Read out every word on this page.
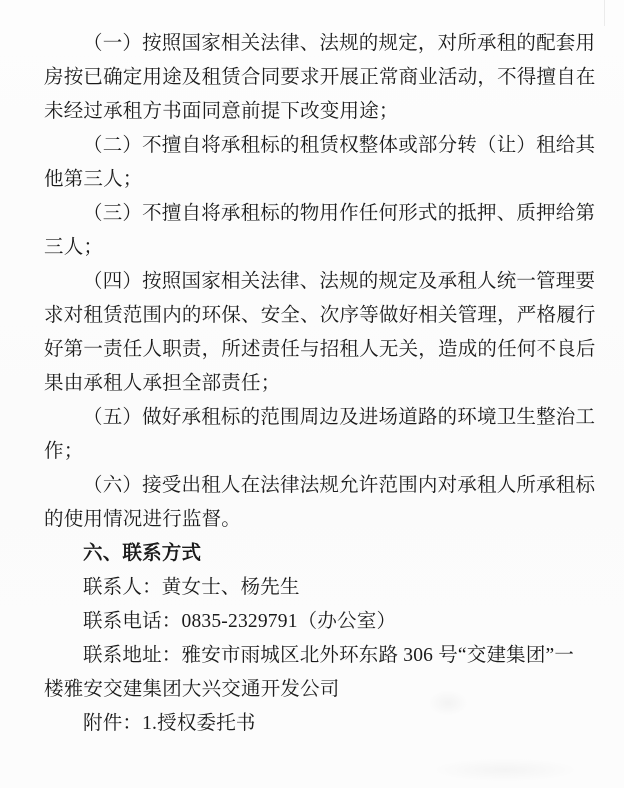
（一）按照国家相关法律、法规的规定，对所承租的配套用
房按已确定用途及租赁合同要求开展正常商业活动，不得擅自在
未经过承租方书面同意前提下改变用途；
（二）不擅自将承租标的租赁权整体或部分转（让）租给其
他第三人；
（三）不擅自将承租标的物用作任何形式的抵押、质押给第
三人；
（四）按照国家相关法律、法规的规定及承租人统一管理要
求对租赁范围内的环保、安全、次序等做好相关管理，严格履行
好第一责任人职责，所述责任与招租人无关，造成的任何不良后
果由承租人承担全部责任；
（五）做好承租标的范围周边及进场道路的环境卫生整治工
作；
（六）接受出租人在法律法规允许范围内对承租人所承租标
的使用情况进行监督。
六、联系方式
联系人：黄女士、杨先生
联系电话：0835-2329791（办公室）
联系地址：雅安市雨城区北外环东路 306 号“交建集团”一
楼雅安交建集团大兴交通开发公司
附件：1.授权委托书
